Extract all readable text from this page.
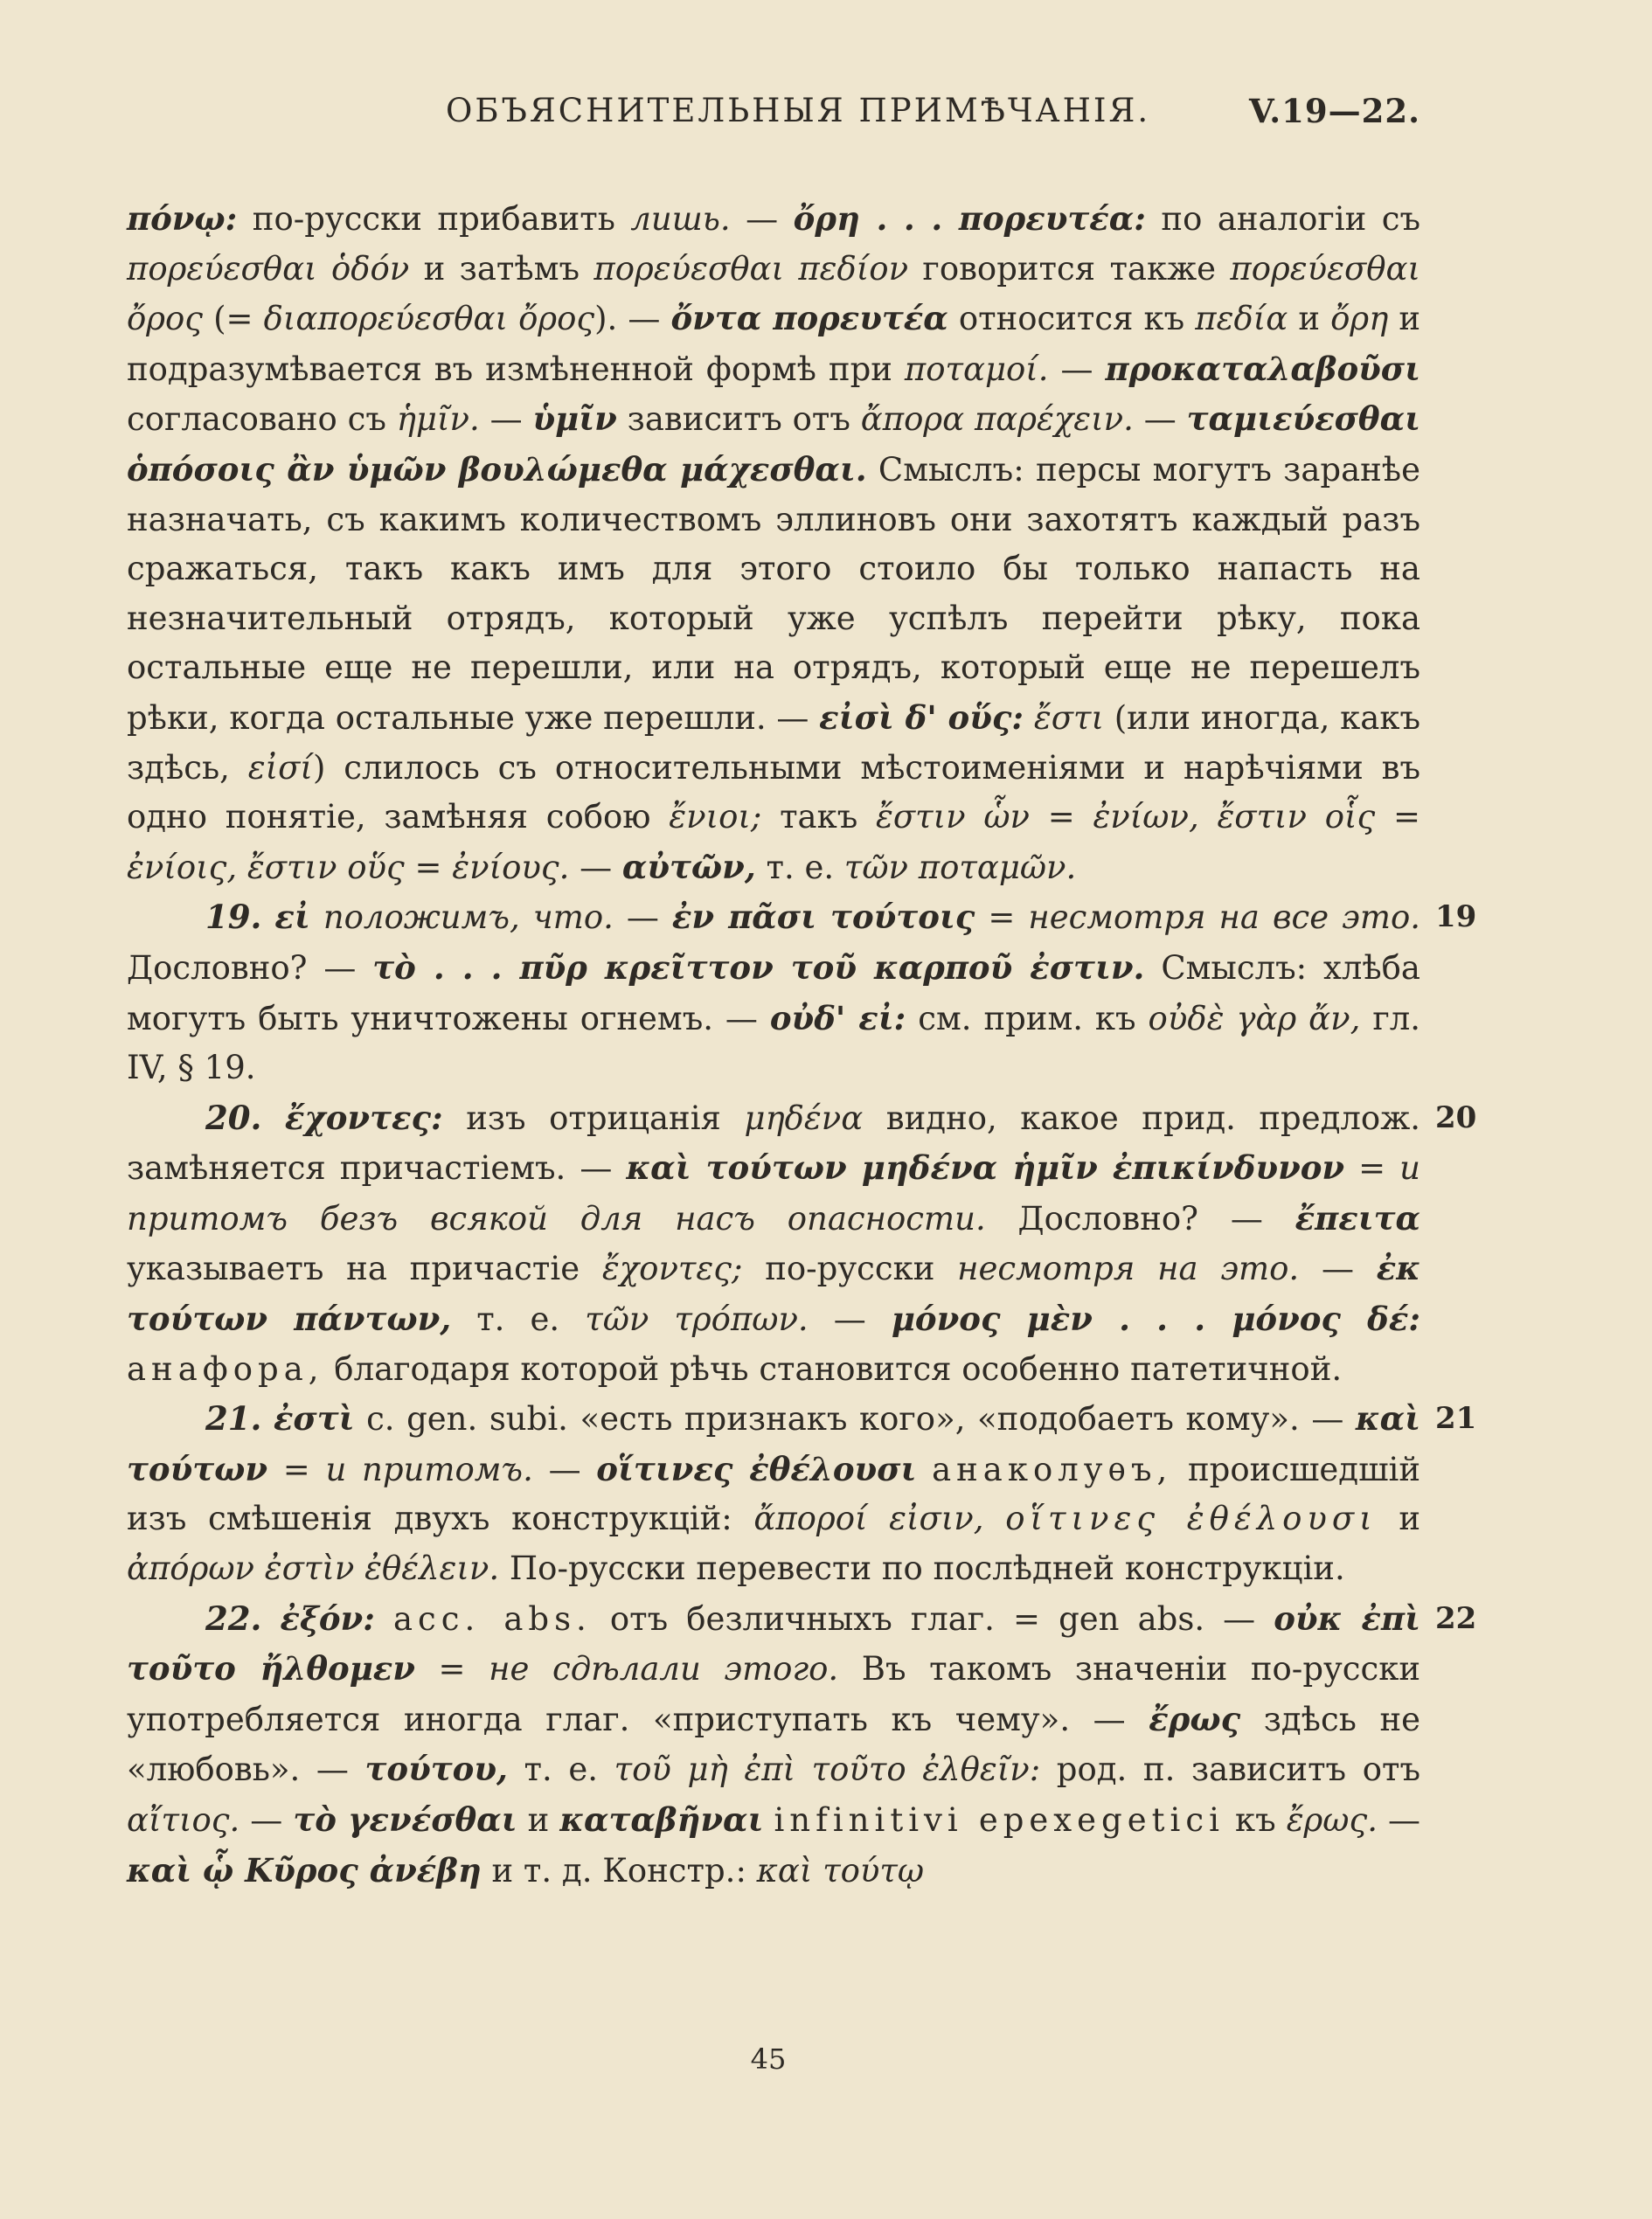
ОБЪЯСНИТЕЛЬНЫЯ ПРИМѢЧАНІЯ.	V.19—22.

πόνῳ: по-русски прибавить лишь. — ὄρη . . . πορευτέα: по аналогіи съ πορεύεσθαι ὁδόν и затѣмъ πορεύεσθαι πεδίον говорится также πορεύεσθαι ὄρος (= διαπορεύεσθαι ὄρος). — ὄντα πορευτέα относится къ πεδία и ὄρη и подразумѣвается въ измѣненной формѣ при ποταμοί. — προκαταλαβοῦσι согласовано съ ἡμῖν. — ὑμῖν зависитъ отъ ἄπορα παρέχειν. — ταμιεύεσθαι ὁπόσοις ἂν ὑμῶν βουλώμεθα μάχεσθαι. Смыслъ: персы могутъ заранѣе назначать, съ какимъ количествомъ эллиновъ они захотятъ каждый разъ сражаться, такъ какъ имъ для этого стоило бы только напасть на незначительный отрядъ, который уже успѣлъ перейти рѣку, пока остальные еще не перешли, или на отрядъ, который еще не перешелъ рѣки, когда остальные уже перешли. — εἰσὶ δ' οὕς: ἔστι (или иногда, какъ здѣсь, εἰσί) слилось съ относительными мѣстоименіями и нарѣчіями въ одно понятіе, замѣняя собою ἔνιοι; такъ ἔστιν ὧν = ἐνίων, ἔστιν οἷς = ἐνίοις, ἔστιν οὕς = ἐνίους. — αὐτῶν, т. е. τῶν ποταμῶν.

19
19. εἰ положимъ, что. — ἐν πᾶσι τούτοις = несмотря на все это. Дословно? — τὸ . . . πῦρ κρεῖττον τοῦ καρποῦ ἐστιν. Смыслъ: хлѣба могутъ быть уничтожены огнемъ. — οὐδ' εἰ: см. прим. къ οὐδὲ γὰρ ἄν, гл. IV, § 19.

20
20. ἔχοντες: изъ отрицанія μηδένα видно, какое прид. предлож. замѣняется причастіемъ. — καὶ τούτων μηδένα ἡμῖν ἐπικίνδυνον = и притомъ безъ всякой для насъ опасности. Дословно? — ἔπειτα указываетъ на причастіе ἔχοντες; по-русски несмотря на это. — ἐκ τούτων πάντων, т. е. τῶν τρόπων. — μόνος μὲν . . . μόνος δέ: анафора, благодаря которой рѣчь становится особенно патетичной.

21
21. ἐστὶ c. gen. subi. «есть признакъ кого», «подобаетъ кому». — καὶ τούτων = и притомъ. — οἵτινες ἐθέλουσι анаколуѳъ, происшедшій изъ смѣшенія двухъ конструкцій: ἄποροί εἰσιν, οἵτινες ἐθέλουσι и ἀπόρων ἐστὶν ἐθέλειν. По-русски перевести по послѣдней конструкціи.

22
22. ἐξόν: acc. abs. отъ безличныхъ глаг. = gen abs. — οὐκ ἐπὶ τοῦτο ἤλθομεν = не сдѣлали этого. Въ такомъ значеніи по-русски употребляется иногда глаг. «приступать къ чему». — ἔρως здѣсь не «любовь». — τούτου, т. е. τοῦ μὴ ἐπὶ τοῦτο ἐλθεῖν: род. п. зависитъ отъ αἴτιος. — τὸ γενέσθαι и καταβῆναι infinitivi epexegetici къ ἔρως. — καὶ ᾧ Κῦρος ἀνέβη и т. д. Констр.: καὶ τούτῳ

45
